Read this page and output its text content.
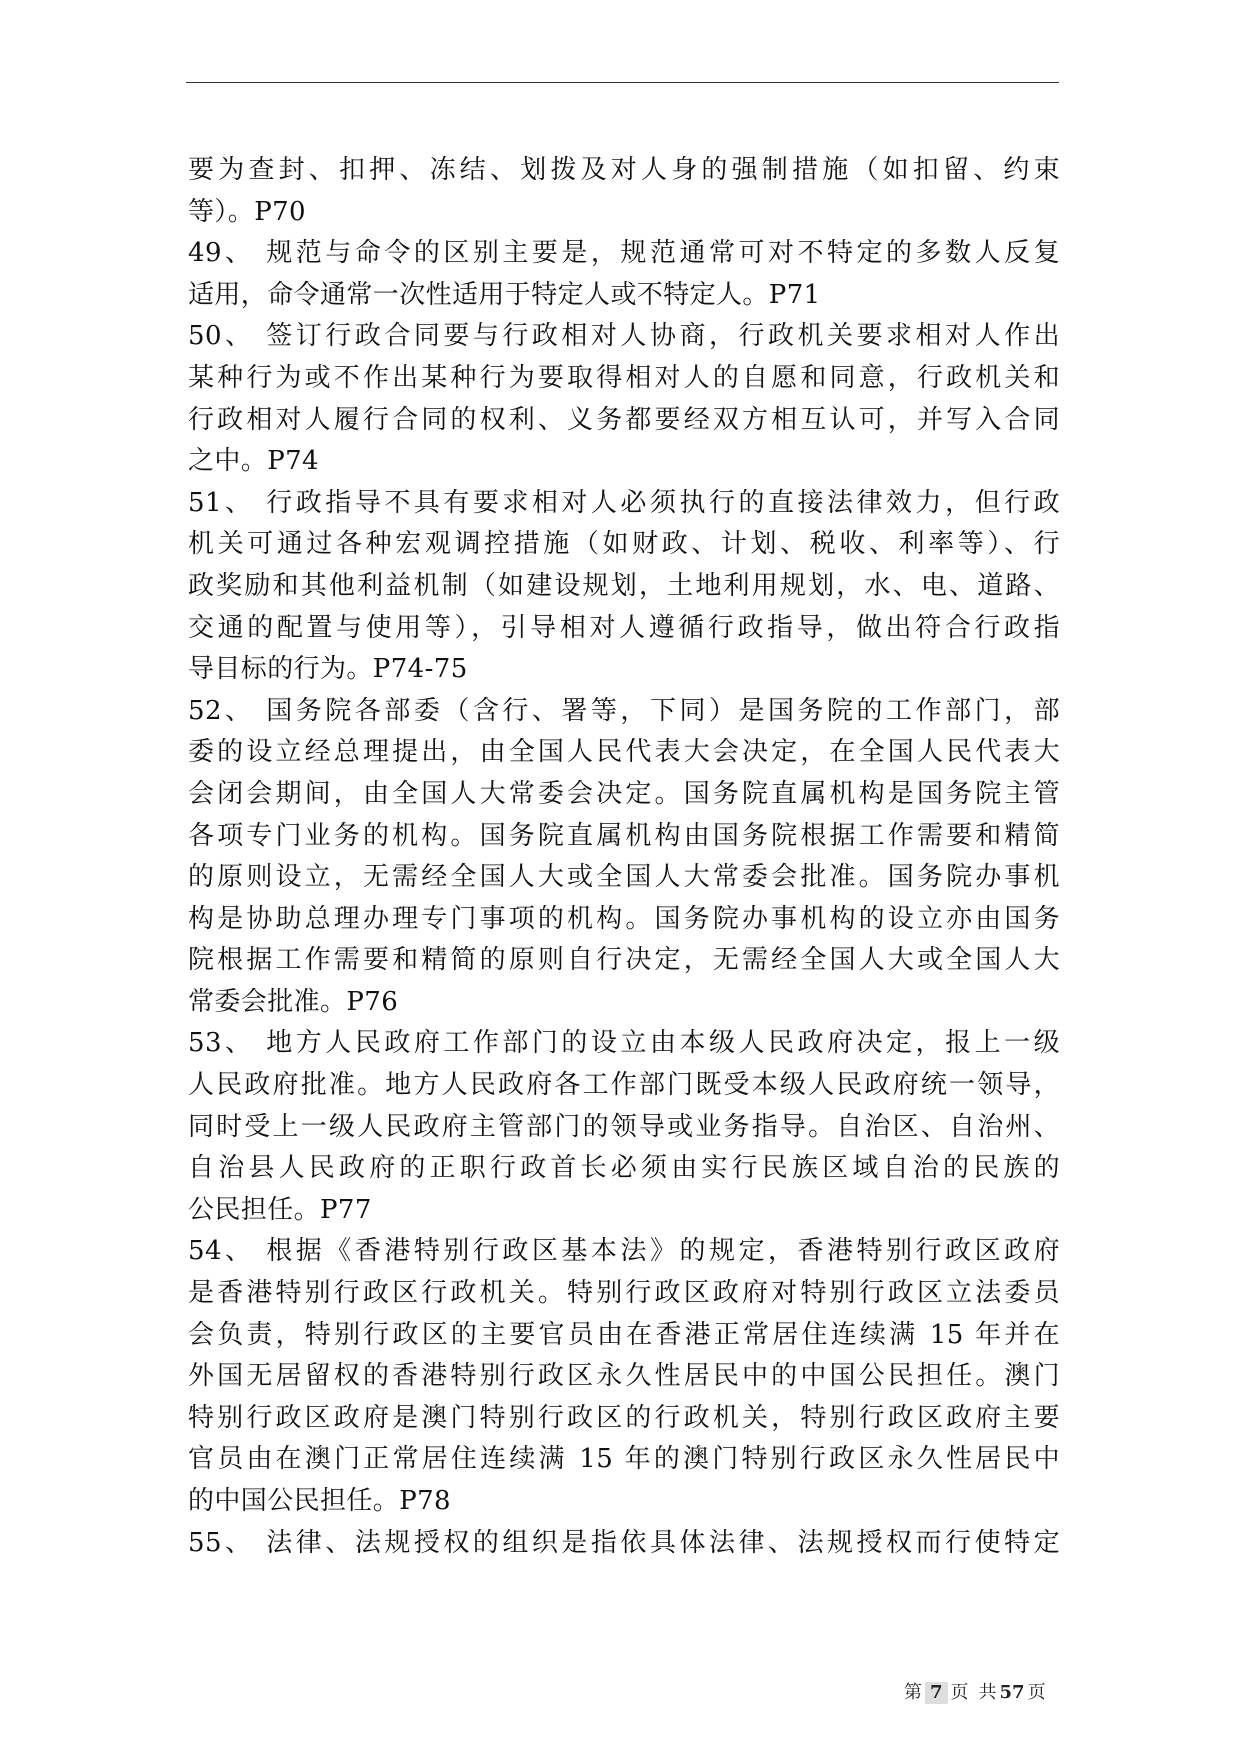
要为查封、扣押、冻结、划拨及对人身的强制措施（如扣留、约束
等）。P70
49、 规范与命令的区别主要是，规范通常可对不特定的多数人反复
适用，命令通常一次性适用于特定人或不特定人。P71
50、 签订行政合同要与行政相对人协商，行政机关要求相对人作出
某种行为或不作出某种行为要取得相对人的自愿和同意，行政机关和
行政相对人履行合同的权利、义务都要经双方相互认可，并写入合同
之中。P74
51、 行政指导不具有要求相对人必须执行的直接法律效力，但行政
机关可通过各种宏观调控措施（如财政、计划、税收、利率等）、行
政奖励和其他利益机制（如建设规划，土地利用规划，水、电、道路、
交通的配置与使用等），引导相对人遵循行政指导，做出符合行政指
导目标的行为。P74-75
52、 国务院各部委（含行、署等，下同）是国务院的工作部门，部
委的设立经总理提出，由全国人民代表大会决定，在全国人民代表大
会闭会期间，由全国人大常委会决定。国务院直属机构是国务院主管
各项专门业务的机构。国务院直属机构由国务院根据工作需要和精简
的原则设立，无需经全国人大或全国人大常委会批准。国务院办事机
构是协助总理办理专门事项的机构。国务院办事机构的设立亦由国务
院根据工作需要和精简的原则自行决定，无需经全国人大或全国人大
常委会批准。P76
53、 地方人民政府工作部门的设立由本级人民政府决定，报上一级
人民政府批准。地方人民政府各工作部门既受本级人民政府统一领导，
同时受上一级人民政府主管部门的领导或业务指导。自治区、自治州、
自治县人民政府的正职行政首长必须由实行民族区域自治的民族的
公民担任。P77
54、 根据《香港特别行政区基本法》的规定，香港特别行政区政府
是香港特别行政区行政机关。特别行政区政府对特别行政区立法委员
会负责，特别行政区的主要官员由在香港正常居住连续满 15 年并在
外国无居留权的香港特别行政区永久性居民中的中国公民担任。澳门
特别行政区政府是澳门特别行政区的行政机关，特别行政区政府主要
官员由在澳门正常居住连续满 15 年的澳门特别行政区永久性居民中
的中国公民担任。P78
55、 法律、法规授权的组织是指依具体法律、法规授权而行使特定
第 7 页 共 57 页
